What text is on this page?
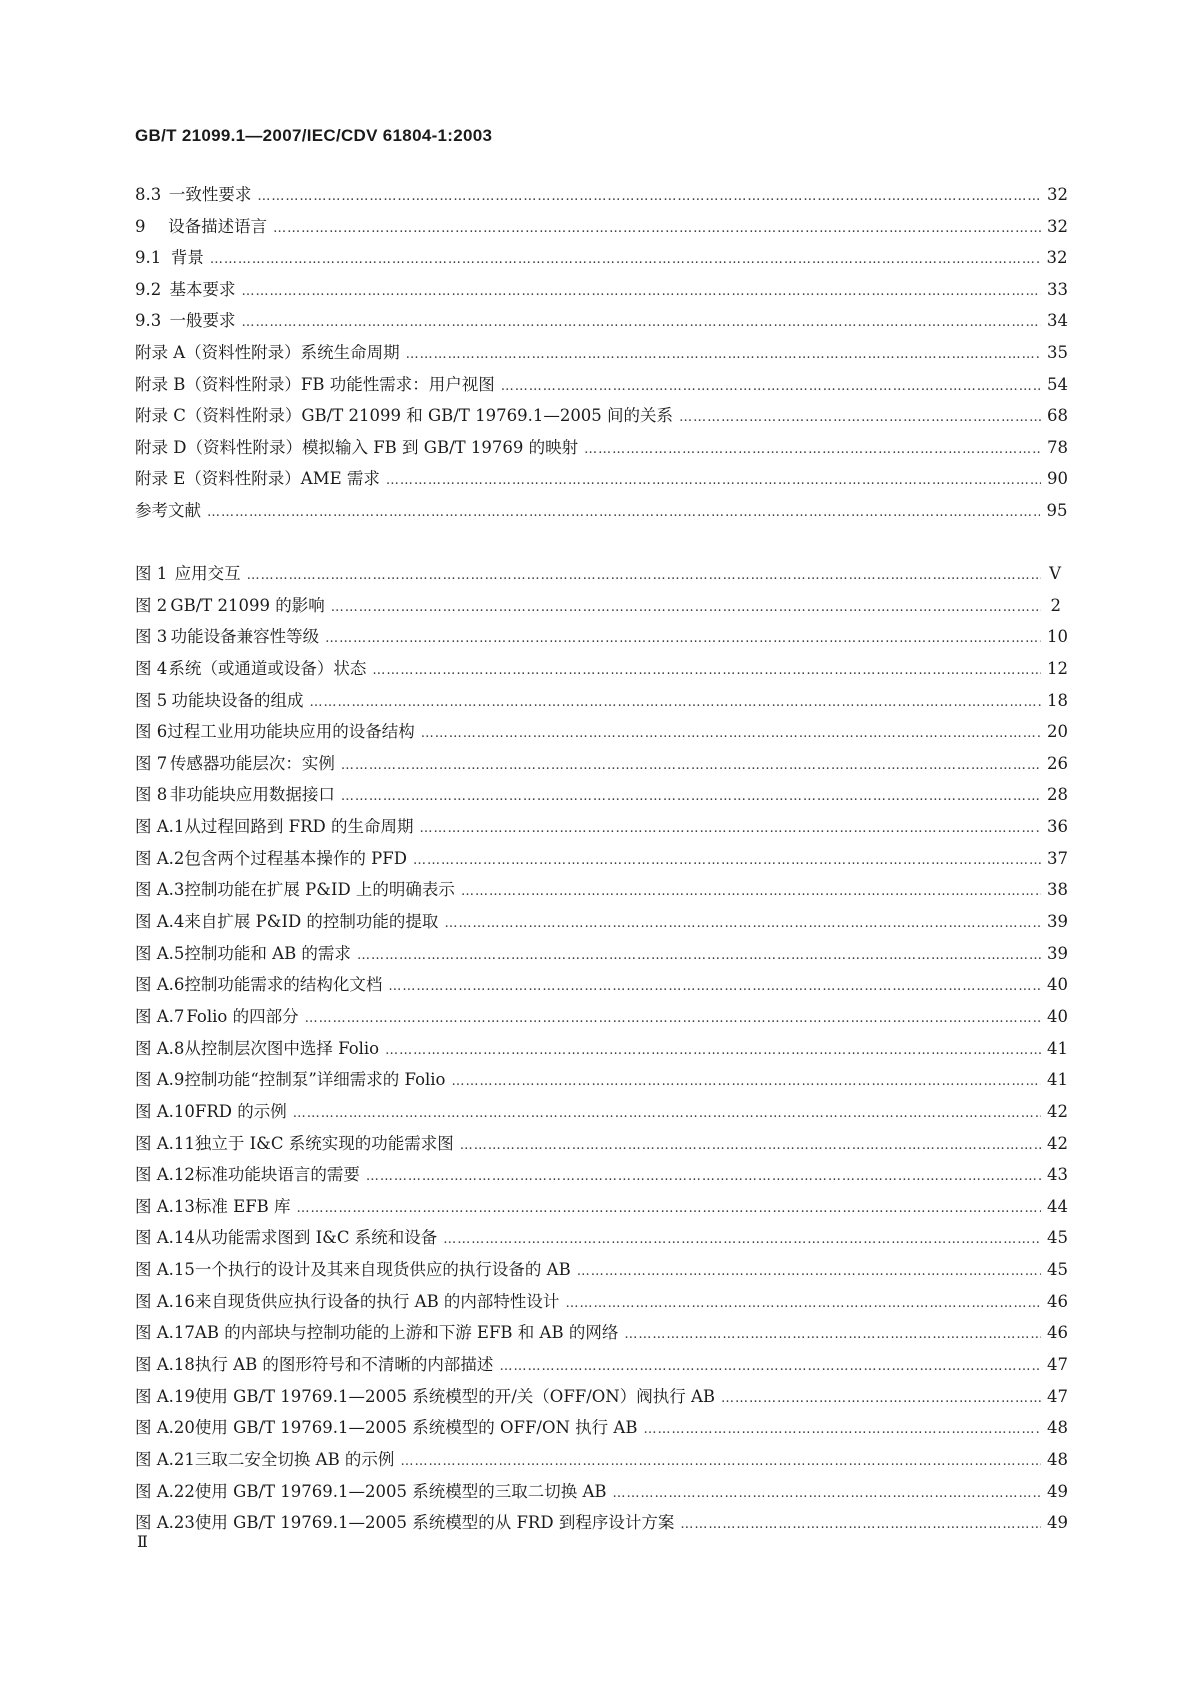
GB/T 21099.1—2007/IEC/CDV 61804-1:2003
8.3 一致性要求 ……………………………………………………………………………………………………………………………………………………………………………………………………………………………………	32
9	设备描述语言 ……………………………………………………………………………………………………………………………………………………………………………………………………………………………………	32
9.1 背景 ……………………………………………………………………………………………………………………………………………………………………………………………………………………………………	32
9.2 基本要求 ……………………………………………………………………………………………………………………………………………………………………………………………………………………………………	33
9.3 一般要求 ……………………………………………………………………………………………………………………………………………………………………………………………………………………………………	34
附录 A（资料性附录） 系统生命周期 ……………………………………………………………………………………………………………………………………………………………………………………………………………………………………	35
附录 B（资料性附录） FB 功能性需求：用户视图 ……………………………………………………………………………………………………………………………………………………………………………………………………………………………………	54
附录 C（资料性附录） GB/T 21099 和 GB/T 19769.1—2005 间的关系 ……………………………………………………………………………………………………………………………………………………………………………………………………………………………………	68
附录 D（资料性附录） 模拟输入 FB 到 GB/T 19769 的映射 ……………………………………………………………………………………………………………………………………………………………………………………………………………………………………	78
附录 E（资料性附录） AME 需求 ……………………………………………………………………………………………………………………………………………………………………………………………………………………………………	90
参考文献 ……………………………………………………………………………………………………………………………………………………………………………………………………………………………………	95
图 1 应用交互 ……………………………………………………………………………………………………………………………………………………………………………………………………………………………………	V
图 2 GB/T 21099 的影响 ……………………………………………………………………………………………………………………………………………………………………………………………………………………………………	2
图 3 功能设备兼容性等级 ……………………………………………………………………………………………………………………………………………………………………………………………………………………………………	10
图 4 系统（或通道或设备）状态 ……………………………………………………………………………………………………………………………………………………………………………………………………………………………………	12
图 5 功能块设备的组成 ……………………………………………………………………………………………………………………………………………………………………………………………………………………………………	18
图 6 过程工业用功能块应用的设备结构 ……………………………………………………………………………………………………………………………………………………………………………………………………………………………………	20
图 7 传感器功能层次：实例 ……………………………………………………………………………………………………………………………………………………………………………………………………………………………………	26
图 8 非功能块应用数据接口 ……………………………………………………………………………………………………………………………………………………………………………………………………………………………………	28
图 A.1 从过程回路到 FRD 的生命周期 ……………………………………………………………………………………………………………………………………………………………………………………………………………………………………	36
图 A.2 包含两个过程基本操作的 PFD ……………………………………………………………………………………………………………………………………………………………………………………………………………………………………	37
图 A.3 控制功能在扩展 P&ID 上的明确表示 ……………………………………………………………………………………………………………………………………………………………………………………………………………………………………	38
图 A.4 来自扩展 P&ID 的控制功能的提取 ……………………………………………………………………………………………………………………………………………………………………………………………………………………………………	39
图 A.5 控制功能和 AB 的需求 ……………………………………………………………………………………………………………………………………………………………………………………………………………………………………	39
图 A.6 控制功能需求的结构化文档 ……………………………………………………………………………………………………………………………………………………………………………………………………………………………………	40
图 A.7 Folio 的四部分 ……………………………………………………………………………………………………………………………………………………………………………………………………………………………………	40
图 A.8 从控制层次图中选择 Folio ……………………………………………………………………………………………………………………………………………………………………………………………………………………………………	41
图 A.9 控制功能“控制泵”详细需求的 Folio ……………………………………………………………………………………………………………………………………………………………………………………………………………………………………	41
图 A.10 FRD 的示例 ……………………………………………………………………………………………………………………………………………………………………………………………………………………………………	42
图 A.11 独立于 I&C 系统实现的功能需求图 ……………………………………………………………………………………………………………………………………………………………………………………………………………………………………	42
图 A.12 标准功能块语言的需要 ……………………………………………………………………………………………………………………………………………………………………………………………………………………………………	43
图 A.13 标准 EFB 库 ……………………………………………………………………………………………………………………………………………………………………………………………………………………………………	44
图 A.14 从功能需求图到 I&C 系统和设备 ……………………………………………………………………………………………………………………………………………………………………………………………………………………………………	45
图 A.15 一个执行的设计及其来自现货供应的执行设备的 AB ……………………………………………………………………………………………………………………………………………………………………………………………………………………………………	45
图 A.16 来自现货供应执行设备的执行 AB 的内部特性设计 ……………………………………………………………………………………………………………………………………………………………………………………………………………………………………	46
图 A.17 AB 的内部块与控制功能的上游和下游 EFB 和 AB 的网络 ……………………………………………………………………………………………………………………………………………………………………………………………………………………………………	46
图 A.18 执行 AB 的图形符号和不清晰的内部描述 ……………………………………………………………………………………………………………………………………………………………………………………………………………………………………	47
图 A.19 使用 GB/T 19769.1—2005 系统模型的开/关（OFF/ON）阀执行 AB ……………………………………………………………………………………………………………………………………………………………………………………………………………………………………	47
图 A.20 使用 GB/T 19769.1—2005 系统模型的 OFF/ON 执行 AB ……………………………………………………………………………………………………………………………………………………………………………………………………………………………………	48
图 A.21 三取二安全切换 AB 的示例 ……………………………………………………………………………………………………………………………………………………………………………………………………………………………………	48
图 A.22 使用 GB/T 19769.1—2005 系统模型的三取二切换 AB ……………………………………………………………………………………………………………………………………………………………………………………………………………………………………	49
图 A.23 使用 GB/T 19769.1—2005 系统模型的从 FRD 到程序设计方案 ……………………………………………………………………………………………………………………………………………………………………………………………………………………………………	49
Ⅱ
